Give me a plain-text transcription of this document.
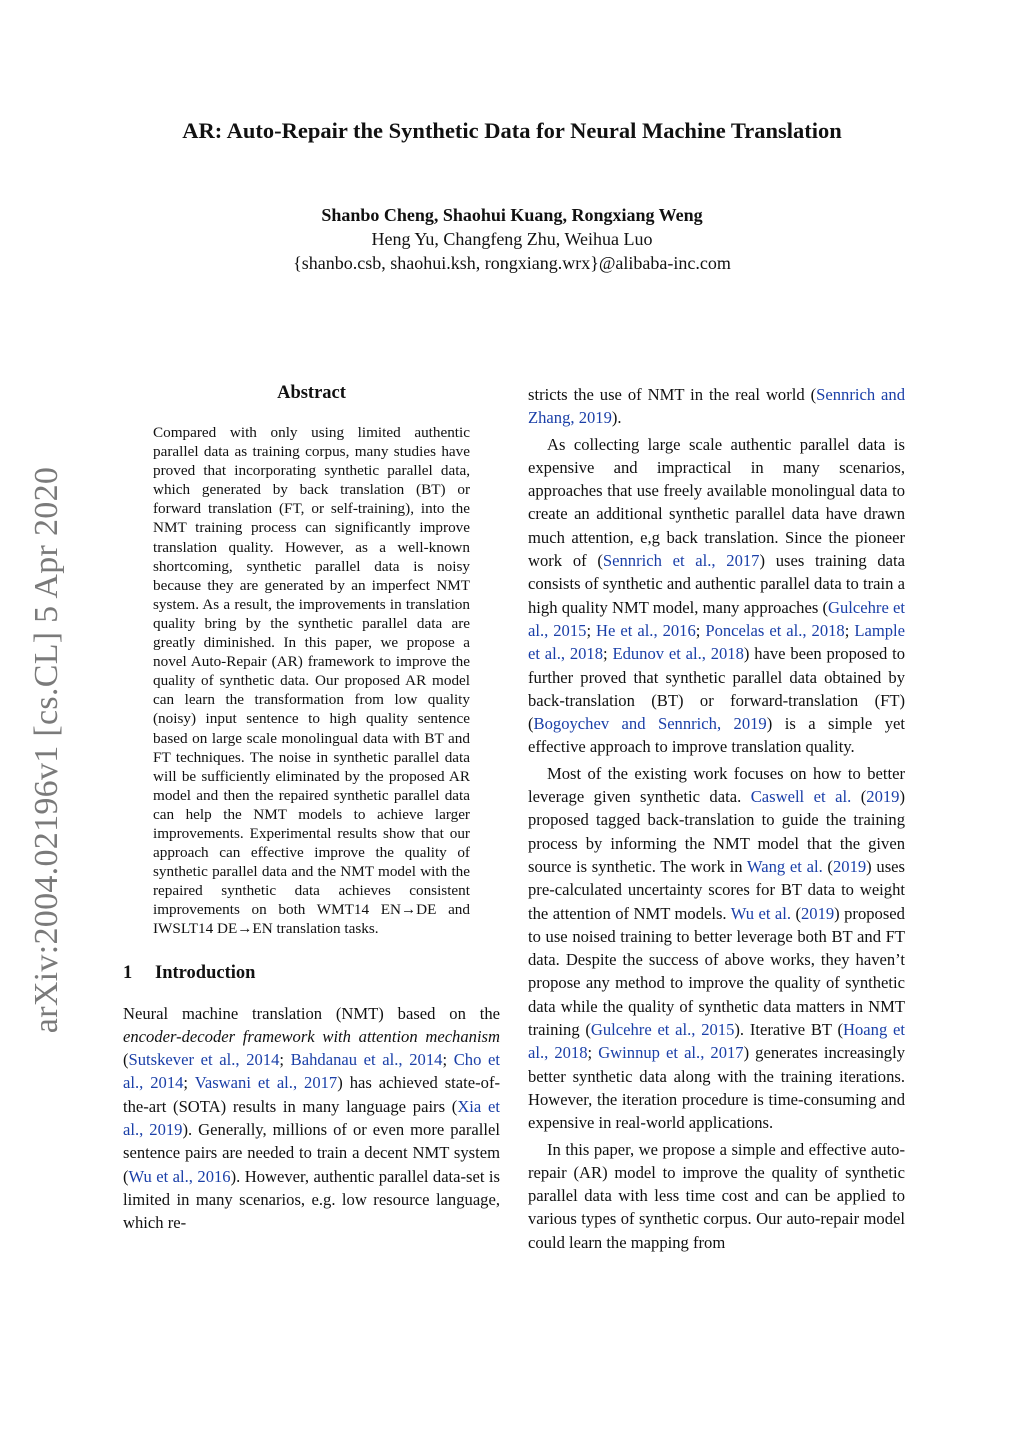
arXiv:2004.02196v1 [cs.CL] 5 Apr 2020
AR: Auto-Repair the Synthetic Data for Neural Machine Translation
Shanbo Cheng, Shaohui Kuang, Rongxiang Weng
Heng Yu, Changfeng Zhu, Weihua Luo
{shanbo.csb, shaohui.ksh, rongxiang.wrx}@alibaba-inc.com
Abstract
Compared with only using limited authentic parallel data as training corpus, many studies have proved that incorporating synthetic parallel data, which generated by back translation (BT) or forward translation (FT, or self-training), into the NMT training process can significantly improve translation quality. However, as a well-known shortcoming, synthetic parallel data is noisy because they are generated by an imperfect NMT system. As a result, the improvements in translation quality bring by the synthetic parallel data are greatly diminished. In this paper, we propose a novel Auto-Repair (AR) framework to improve the quality of synthetic data. Our proposed AR model can learn the transformation from low quality (noisy) input sentence to high quality sentence based on large scale monolingual data with BT and FT techniques. The noise in synthetic parallel data will be sufficiently eliminated by the proposed AR model and then the repaired synthetic parallel data can help the NMT models to achieve larger improvements. Experimental results show that our approach can effective improve the quality of synthetic parallel data and the NMT model with the repaired synthetic data achieves consistent improvements on both WMT14 EN→DE and IWSLT14 DE→EN translation tasks.
1 Introduction

Neural machine translation (NMT) based on the encoder-decoder framework with attention mechanism (Sutskever et al., 2014; Bahdanau et al., 2014; Cho et al., 2014; Vaswani et al., 2017) has achieved state-of-the-art (SOTA) results in many language pairs (Xia et al., 2019). Generally, millions of or even more parallel sentence pairs are needed to train a decent NMT system (Wu et al., 2016). However, authentic parallel data-set is limited in many scenarios, e.g. low resource language, which re-

stricts the use of NMT in the real world (Sennrich and Zhang, 2019).

As collecting large scale authentic parallel data is expensive and impractical in many scenarios, approaches that use freely available monolingual data to create an additional synthetic parallel data have drawn much attention, e,g back translation. Since the pioneer work of (Sennrich et al., 2017) uses training data consists of synthetic and authentic parallel data to train a high quality NMT model, many approaches (Gulcehre et al., 2015; He et al., 2016; Poncelas et al., 2018; Lample et al., 2018; Edunov et al., 2018) have been proposed to further proved that synthetic parallel data obtained by back-translation (BT) or forward-translation (FT) (Bogoychev and Sennrich, 2019) is a simple yet effective approach to improve translation quality.

Most of the existing work focuses on how to better leverage given synthetic data. Caswell et al. (2019) proposed tagged back-translation to guide the training process by informing the NMT model that the given source is synthetic. The work in Wang et al. (2019) uses pre-calculated uncertainty scores for BT data to weight the attention of NMT models. Wu et al. (2019) proposed to use noised training to better leverage both BT and FT data. Despite the success of above works, they haven’t propose any method to improve the quality of synthetic data while the quality of synthetic data matters in NMT training (Gulcehre et al., 2015). Iterative BT (Hoang et al., 2018; Gwinnup et al., 2017) generates increasingly better synthetic data along with the training iterations. However, the iteration procedure is time-consuming and expensive in real-world applications.

In this paper, we propose a simple and effective auto-repair (AR) model to improve the quality of synthetic parallel data with less time cost and can be applied to various types of synthetic corpus. Our auto-repair model could learn the mapping from
